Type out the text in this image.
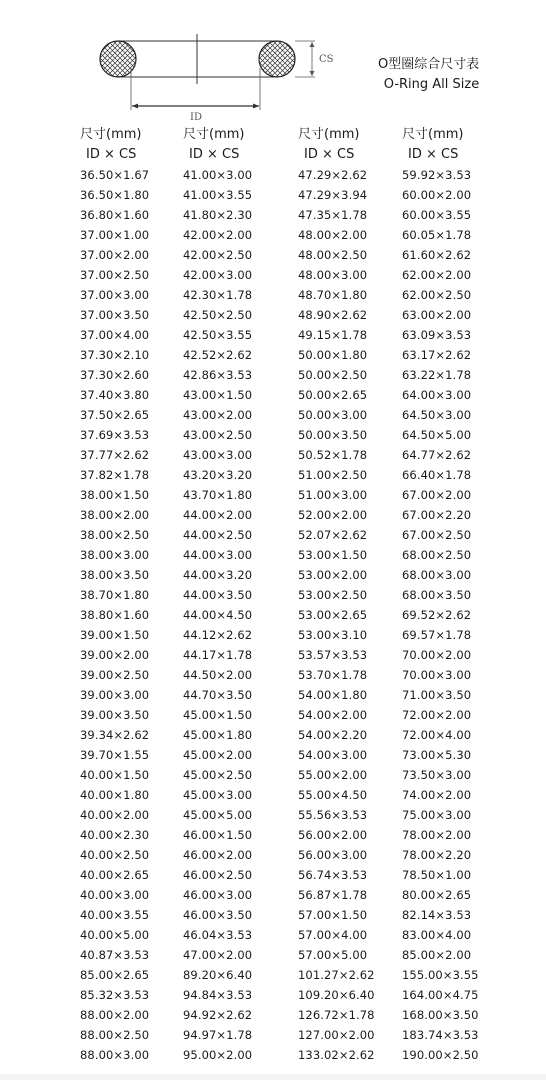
CS
ID
O型圈综合尺寸表
O-Ring All Size
尺寸(mm)
ID × CS
36.50×1.67
36.50×1.80
36.80×1.60
37.00×1.00
37.00×2.00
37.00×2.50
37.00×3.00
37.00×3.50
37.00×4.00
37.30×2.10
37.30×2.60
37.40×3.80
37.50×2.65
37.69×3.53
37.77×2.62
37.82×1.78
38.00×1.50
38.00×2.00
38.00×2.50
38.00×3.00
38.00×3.50
38.70×1.80
38.80×1.60
39.00×1.50
39.00×2.00
39.00×2.50
39.00×3.00
39.00×3.50
39.34×2.62
39.70×1.55
40.00×1.50
40.00×1.80
40.00×2.00
40.00×2.30
40.00×2.50
40.00×2.65
40.00×3.00
40.00×3.55
40.00×5.00
40.87×3.53
85.00×2.65
85.32×3.53
88.00×2.00
88.00×2.50
88.00×3.00
尺寸(mm)
ID × CS
41.00×3.00
41.00×3.55
41.80×2.30
42.00×2.00
42.00×2.50
42.00×3.00
42.30×1.78
42.50×2.50
42.50×3.55
42.52×2.62
42.86×3.53
43.00×1.50
43.00×2.00
43.00×2.50
43.00×3.00
43.20×3.20
43.70×1.80
44.00×2.00
44.00×2.50
44.00×3.00
44.00×3.20
44.00×3.50
44.00×4.50
44.12×2.62
44.17×1.78
44.50×2.00
44.70×3.50
45.00×1.50
45.00×1.80
45.00×2.00
45.00×2.50
45.00×3.00
45.00×5.00
46.00×1.50
46.00×2.00
46.00×2.50
46.00×3.00
46.00×3.50
46.04×3.53
47.00×2.00
89.20×6.40
94.84×3.53
94.92×2.62
94.97×1.78
95.00×2.00
尺寸(mm)
ID × CS
47.29×2.62
47.29×3.94
47.35×1.78
48.00×2.00
48.00×2.50
48.00×3.00
48.70×1.80
48.90×2.62
49.15×1.78
50.00×1.80
50.00×2.50
50.00×2.65
50.00×3.00
50.00×3.50
50.52×1.78
51.00×2.50
51.00×3.00
52.00×2.00
52.07×2.62
53.00×1.50
53.00×2.00
53.00×2.50
53.00×2.65
53.00×3.10
53.57×3.53
53.70×1.78
54.00×1.80
54.00×2.00
54.00×2.20
54.00×3.00
55.00×2.00
55.00×4.50
55.56×3.53
56.00×2.00
56.00×3.00
56.74×3.53
56.87×1.78
57.00×1.50
57.00×4.00
57.00×5.00
101.27×2.62
109.20×6.40
126.72×1.78
127.00×2.00
133.02×2.62
尺寸(mm)
ID × CS
59.92×3.53
60.00×2.00
60.00×3.55
60.05×1.78
61.60×2.62
62.00×2.00
62.00×2.50
63.00×2.00
63.09×3.53
63.17×2.62
63.22×1.78
64.00×3.00
64.50×3.00
64.50×5.00
64.77×2.62
66.40×1.78
67.00×2.00
67.00×2.20
67.00×2.50
68.00×2.50
68.00×3.00
68.00×3.50
69.52×2.62
69.57×1.78
70.00×2.00
70.00×3.00
71.00×3.50
72.00×2.00
72.00×4.00
73.00×5.30
73.50×3.00
74.00×2.00
75.00×3.00
78.00×2.00
78.00×2.20
78.50×1.00
80.00×2.65
82.14×3.53
83.00×4.00
85.00×2.00
155.00×3.55
164.00×4.75
168.00×3.50
183.74×3.53
190.00×2.50
